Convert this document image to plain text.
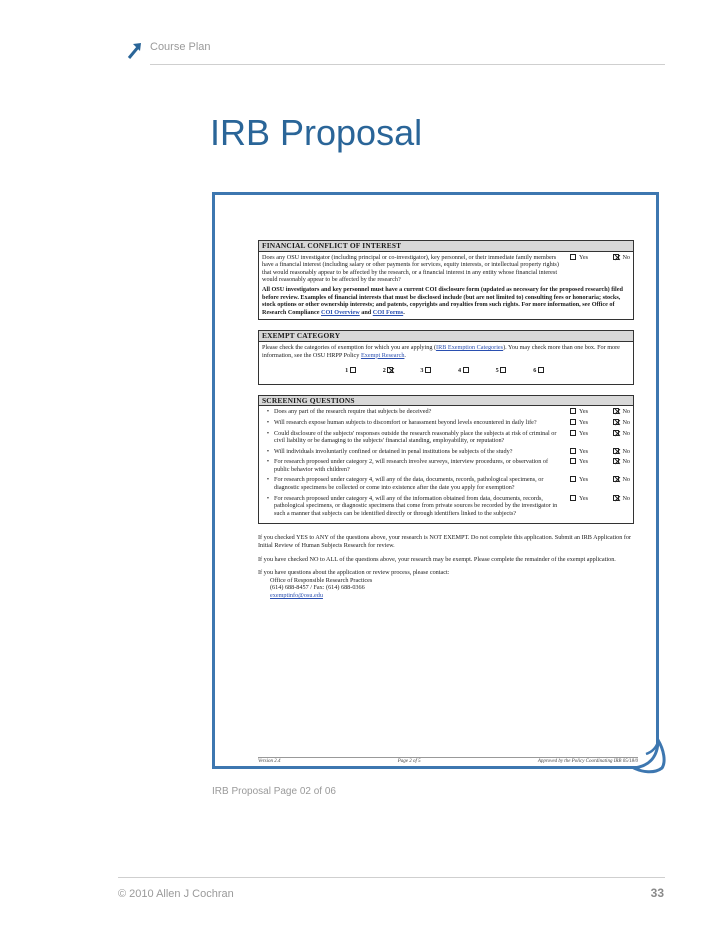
Course Plan
IRB Proposal
FINANCIAL CONFLICT OF INTEREST
Does any OSU investigator (including principal or co-investigator), key personnel, or their immediate family members have a financial interest (including salary or other payments for services, equity interests, or intellectual property rights) that would reasonably appear to be affected by the research, or a financial interest in any entity whose financial interest would reasonably appear to be affected by the research?
Yes	No
All OSU investigators and key personnel must have a current COI disclosure form (updated as necessary for the proposed research) filed before review. Examples of financial interests that must be disclosed include (but are not limited to) consulting fees or honoraria; stocks, stock options or other ownership interests; and patents, copyrights and royalties from such rights. For more information, see Office of Research Compliance COI Overview and COI Forms.
EXEMPT CATEGORY
Please check the categories of exemption for which you are applying (IRB Exemption Categories). You may check more than one box. For more information, see the OSU HRPP Policy Exempt Research.
1	2	3	4	5	6
SCREENING QUESTIONS
• Does any part of the research require that subjects be deceived?	Yes	No
• Will research expose human subjects to discomfort or harassment beyond levels encountered in daily life?	Yes	No
• Could disclosure of the subjects' responses outside the research reasonably place the subjects at risk of criminal or civil liability or be damaging to the subjects' financial standing, employability, or reputation?
Yes	No
• Will individuals involuntarily confined or detained in penal institutions be subjects of the study?	Yes	No
• For research proposed under category 2, will research involve surveys, interview procedures, or observation of public behavior with children?
Yes	No
• For research proposed under category 4, will any of the data, documents, records, pathological specimens, or diagnostic specimens be collected or come into existence after the date you apply for exemption?
Yes	No
• For research proposed under category 4, will any of the information obtained from data, documents, records, pathological specimens, or diagnostic specimens that come from private sources be recorded by the investigator in such a manner that subjects can be identified directly or through identifiers linked to the subjects?
Yes	No

If you checked YES to ANY of the questions above, your research is NOT EXEMPT. Do not complete this application. Submit an IRB Application for Initial Review of Human Subjects Research for review.

If you have checked NO to ALL of the questions above, your research may be exempt. Please complete the remainder of the exempt application.

If you have questions about the application or review process, please contact:
Office of Responsible Research Practices
(614) 688-8457 / Fax: (614) 688-0366
exemptinfo@osu.edu
Version 2.4	Page 2 of 5	Approved by the Policy Coordinating IRB 05/18/0
IRB Proposal Page 02 of 06
© 2010 Allen J Cochran	33
